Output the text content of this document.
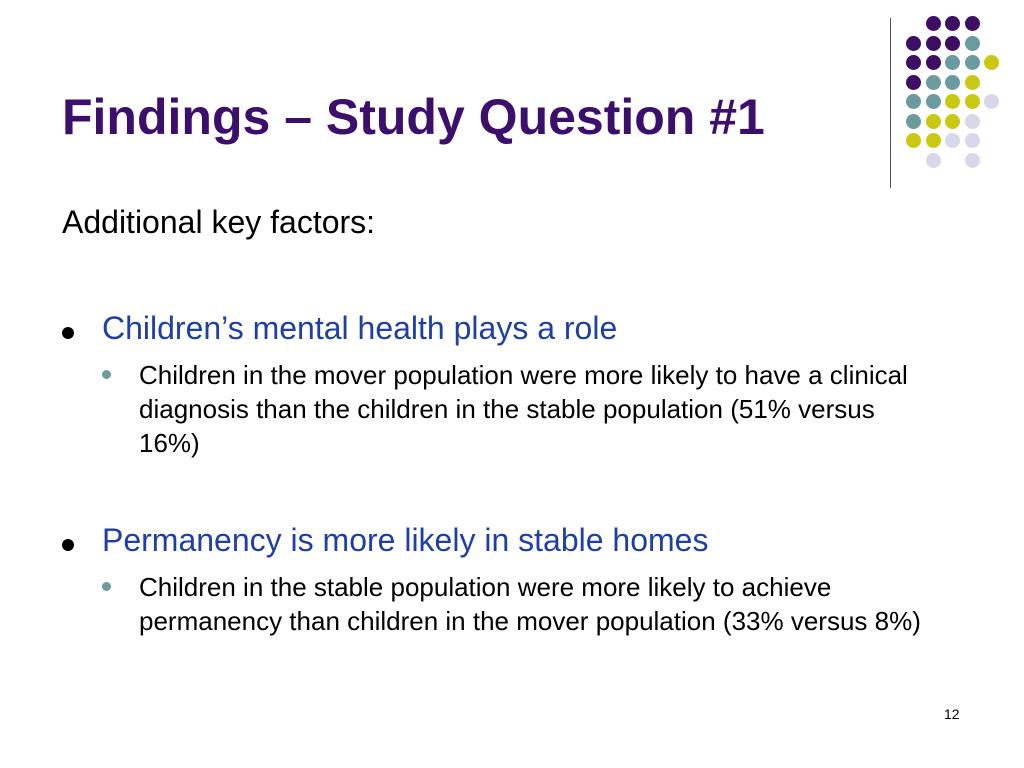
Findings – Study Question #1

Additional key factors:

Children’s mental health plays a role
Children in the mover population were more likely to have a clinical diagnosis than the children in the stable population (51% versus 16%)
Permanency is more likely in stable homes
Children in the stable population were more likely to achieve permanency than children in the mover population (33% versus 8%)
12
